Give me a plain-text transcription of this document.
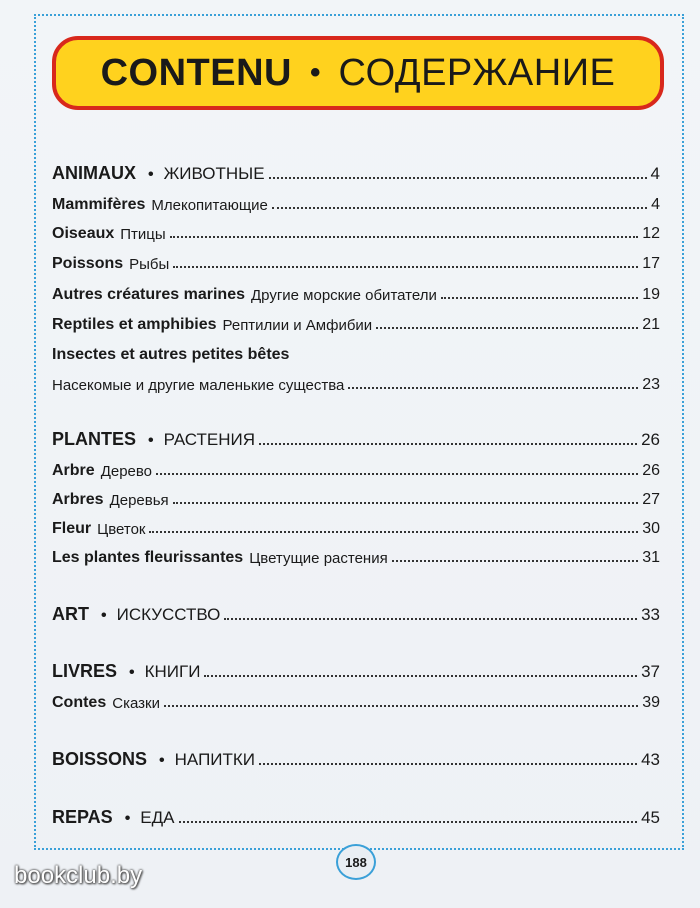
CONTENU • СОДЕРЖАНИЕ
ANIMAUX • ЖИВОТНЫЕ	4
Mammifères Млекопитающие	4
Oiseaux Птицы	12
Poissons Рыбы	17
Autres créatures marines Другие морские обитатели	19
Reptiles et amphibies Рептилии и Амфибии	21
Insectes et autres petites bêtes
Насекомые и другие маленькие существа	23
PLANTES • РАСТЕНИЯ	26
Arbre Дерево	26
Arbres Деревья	27
Fleur Цветок	30
Les plantes fleurissantes Цветущие растения	31
ART • ИСКУССТВО	33
LIVRES • КНИГИ	37
Contes Сказки	39
BOISSONS • НАПИТКИ	43
REPAS • ЕДА	45
188
bookclub.by
